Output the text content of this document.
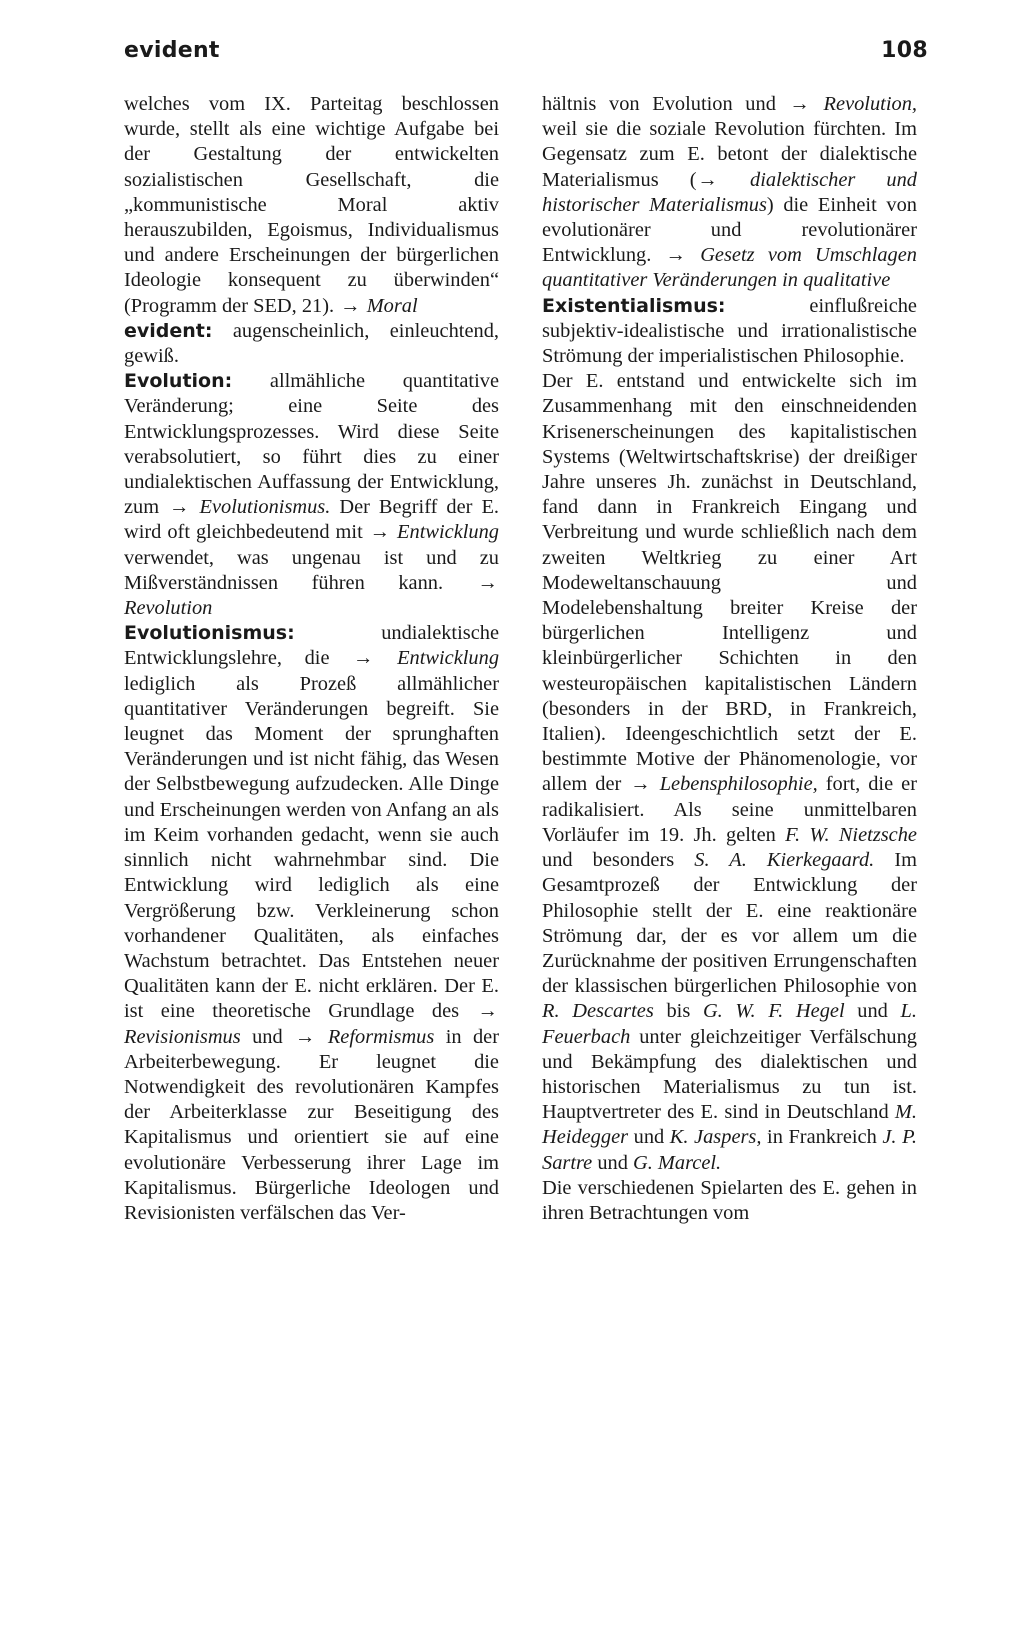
evident	108

welches vom IX. Parteitag beschlossen wurde, stellt als eine wichtige Aufgabe bei der Gestaltung der entwickelten sozialistischen Gesellschaft, die „kommunistische Moral aktiv herauszubilden, Egoismus, Individualismus und andere Erscheinungen der bürgerlichen Ideologie konsequent zu überwinden“ (Programm der SED, 21). → Moral

evident: augenscheinlich, einleuchtend, gewiß.

Evolution: allmähliche quantitative Veränderung; eine Seite des Entwicklungsprozesses. Wird diese Seite verabsolutiert, so führt dies zu einer undialektischen Auffassung der Entwicklung, zum → Evolutionismus. Der Begriff der E. wird oft gleichbedeutend mit → Entwicklung verwendet, was ungenau ist und zu Mißverständnissen führen kann. → Revolution

Evolutionismus: undialektische Entwicklungslehre, die → Entwicklung lediglich als Prozeß allmählicher quantitativer Veränderungen begreift. Sie leugnet das Moment der sprunghaften Veränderungen und ist nicht fähig, das Wesen der Selbstbewegung aufzudecken. Alle Dinge und Erscheinungen werden von Anfang an als im Keim vorhanden gedacht, wenn sie auch sinnlich nicht wahrnehmbar sind. Die Entwicklung wird lediglich als eine Vergrößerung bzw. Verkleinerung schon vorhandener Qualitäten, als einfaches Wachstum betrachtet. Das Entstehen neuer Qualitäten kann der E. nicht erklären. Der E. ist eine theoretische Grundlage des → Revisionismus und → Reformismus in der Arbeiterbewegung. Er leugnet die Notwendigkeit des revolutionären Kampfes der Arbeiterklasse zur Beseitigung des Kapitalismus und orientiert sie auf eine evolutionäre Verbesserung ihrer Lage im Kapitalismus. Bürgerliche Ideologen und Revisionisten verfälschen das Ver-

hältnis von Evolution und → Revolution, weil sie die soziale Revolution fürchten. Im Gegensatz zum E. betont der dialektische Materialismus (→ dialektischer und historischer Materialismus) die Einheit von evolutionärer und revolutionärer Entwicklung. → Gesetz vom Umschlagen quantitativer Veränderungen in qualitative

Existentialismus: einflußreiche subjektiv-idealistische und irrationalistische Strömung der imperialistischen Philosophie.

Der E. entstand und entwickelte sich im Zusammenhang mit den einschneidenden Krisenerscheinungen des kapitalistischen Systems (Weltwirtschaftskrise) der dreißiger Jahre unseres Jh. zunächst in Deutschland, fand dann in Frankreich Eingang und Verbreitung und wurde schließlich nach dem zweiten Weltkrieg zu einer Art Modeweltanschauung und Modelebenshaltung breiter Kreise der bürgerlichen Intelligenz und kleinbürgerlicher Schichten in den westeuropäischen kapitalistischen Ländern (besonders in der BRD, in Frankreich, Italien). Ideengeschichtlich setzt der E. bestimmte Motive der Phänomenologie, vor allem der → Lebensphilosophie, fort, die er radikalisiert. Als seine unmittelbaren Vorläufer im 19. Jh. gelten F. W. Nietzsche und besonders S. A. Kierkegaard. Im Gesamtprozeß der Entwicklung der Philosophie stellt der E. eine reaktionäre Strömung dar, der es vor allem um die Zurücknahme der positiven Errungenschaften der klassischen bürgerlichen Philosophie von R. Descartes bis G. W. F. Hegel und L. Feuerbach unter gleichzeitiger Verfälschung und Bekämpfung des dialektischen und historischen Materialismus zu tun ist. Hauptvertreter des E. sind in Deutschland M. Heidegger und K. Jaspers, in Frankreich J. P. Sartre und G. Marcel.

Die verschiedenen Spielarten des E. gehen in ihren Betrachtungen vom
